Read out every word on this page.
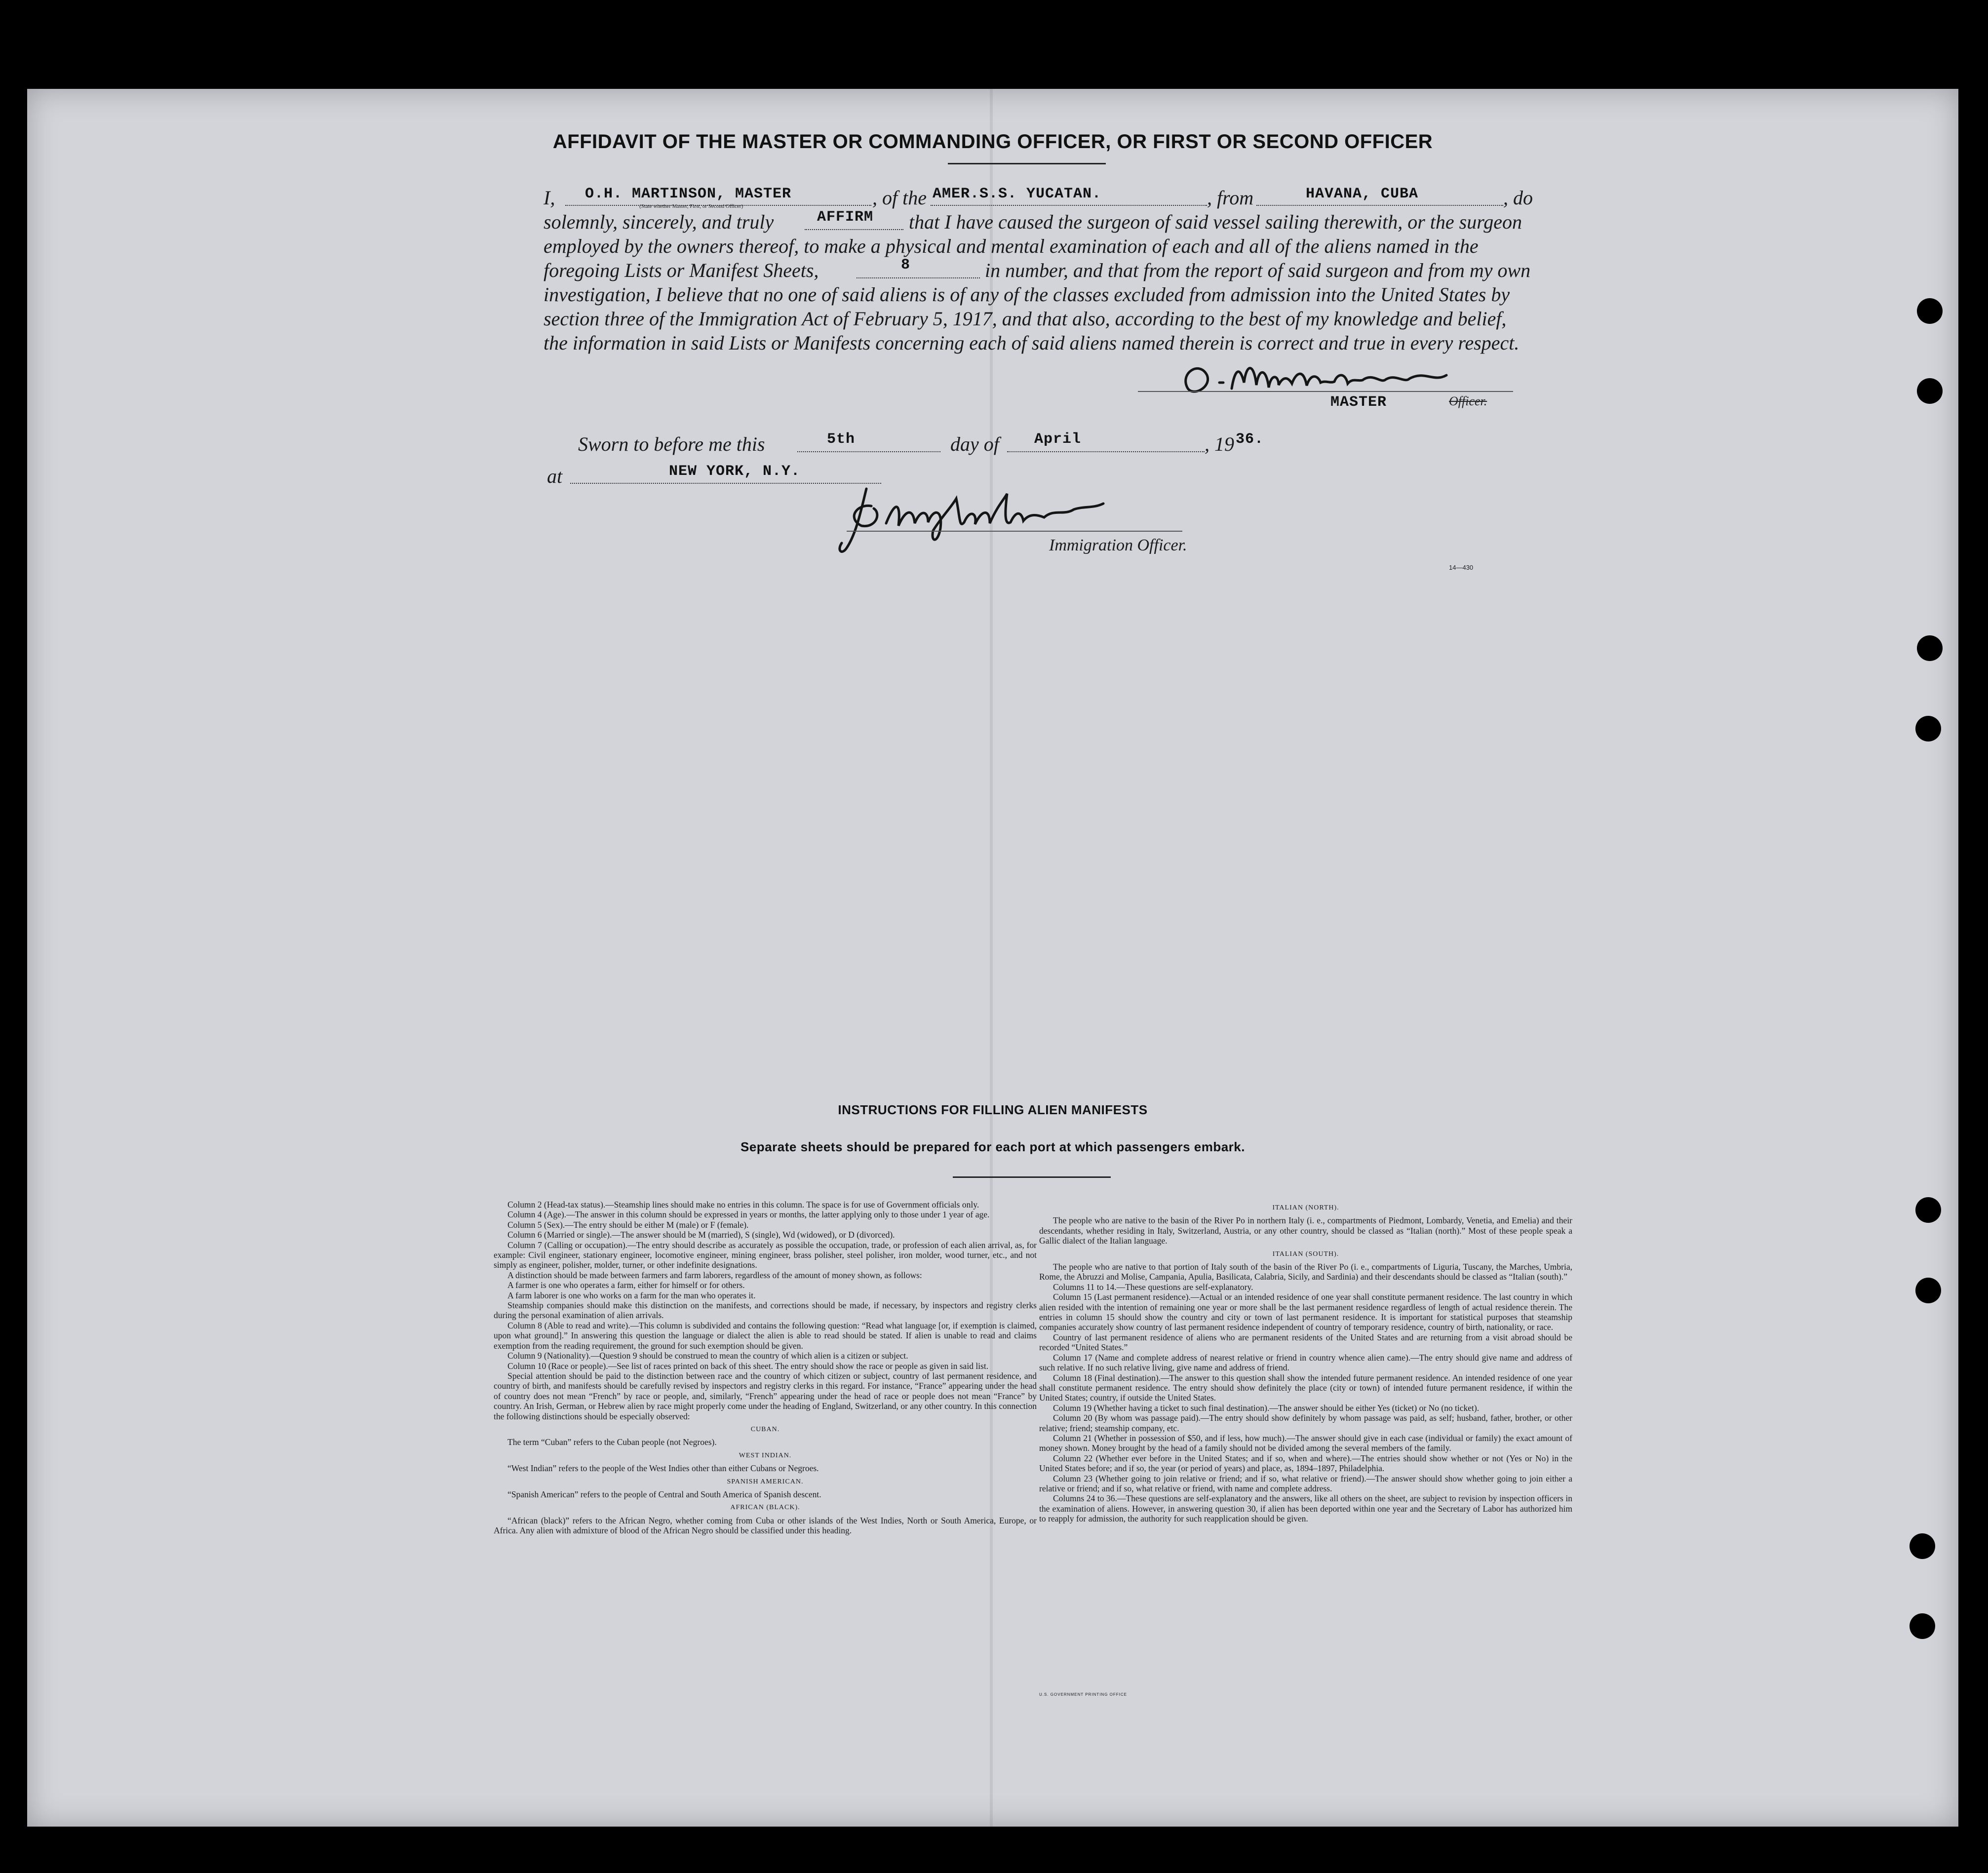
AFFIDAVIT OF THE MASTER OR COMMANDING OFFICER, OR FIRST OR SECOND OFFICER
I, O.H. MARTINSON, MASTER
(State whether Master, First, or Second Officer)	, of the AMER.S.S. YUCATAN.	, from	HAVANA, CUBA	, do
solemnly, sincerely, and truly	AFFIRM that I have caused the surgeon of said vessel sailing therewith, or the surgeon
employed by the owners thereof, to make a physical and mental examination of each and all of the aliens named in the
foregoing Lists or Manifest Sheets,	8	in number, and that from the report of said surgeon and from my own
investigation, I believe that no one of said aliens is of any of the classes excluded from admission into the United States by
section three of the Immigration Act of February 5, 1917, and that also, according to the best of my knowledge and belief,
the information in said Lists or Manifests concerning each of said aliens named therein is correct and true in every respect.
MASTER	Officer.
Sworn to before me this	5th	day of April	, 19 36.
at	NEW YORK, N.Y.
Immigration Officer.
14—430
INSTRUCTIONS FOR FILLING ALIEN MANIFESTS
Separate sheets should be prepared for each port at which passengers embark.

Column 2 (Head-tax status).—Steamship lines should make no entries in this column. The space is for use of Government officials only.

Column 4 (Age).—The answer in this column should be expressed in years or months, the latter applying only to those under 1 year of age.

Column 5 (Sex).—The entry should be either M (male) or F (female).

Column 6 (Married or single).—The answer should be M (married), S (single), Wd (widowed), or D (divorced).

Column 7 (Calling or occupation).—The entry should describe as accurately as possible the occupation, trade, or profession of each alien arrival, as, for example: Civil engineer, stationary engineer, locomotive engineer, mining engineer, brass polisher, steel polisher, iron molder, wood turner, etc., and not simply as engineer, polisher, molder, turner, or other indefinite designations.

A distinction should be made between farmers and farm laborers, regardless of the amount of money shown, as follows:

A farmer is one who operates a farm, either for himself or for others.

A farm laborer is one who works on a farm for the man who operates it.

Steamship companies should make this distinction on the manifests, and corrections should be made, if necessary, by inspectors and registry clerks during the personal examination of alien arrivals.

Column 8 (Able to read and write).—This column is subdivided and contains the following question: “Read what language [or, if exemption is claimed, upon what ground].” In answering this question the language or dialect the alien is able to read should be stated. If alien is unable to read and claims exemption from the reading requirement, the ground for such exemption should be given.

Column 9 (Nationality).—Question 9 should be construed to mean the country of which alien is a citizen or subject.

Column 10 (Race or people).—See list of races printed on back of this sheet. The entry should show the race or people as given in said list.

Special attention should be paid to the distinction between race and the country of which citizen or subject, country of last permanent residence, and country of birth, and manifests should be carefully revised by inspectors and registry clerks in this regard. For instance, “France” appearing under the head of country does not mean “French” by race or people, and, similarly, “French” appearing under the head of race or people does not mean “France” by country. An Irish, German, or Hebrew alien by race might properly come under the heading of England, Switzerland, or any other country. In this connection the following distinctions should be especially observed:

CUBAN.

The term “Cuban” refers to the Cuban people (not Negroes).

WEST INDIAN.

“West Indian” refers to the people of the West Indies other than either Cubans or Negroes.

SPANISH AMERICAN.

“Spanish American” refers to the people of Central and South America of Spanish descent.

AFRICAN (BLACK).

“African (black)” refers to the African Negro, whether coming from Cuba or other islands of the West Indies, North or South America, Europe, or Africa. Any alien with admixture of blood of the African Negro should be classified under this heading.

ITALIAN (NORTH).

The people who are native to the basin of the River Po in northern Italy (i. e., compartments of Piedmont, Lombardy, Venetia, and Emelia) and their descendants, whether residing in Italy, Switzerland, Austria, or any other country, should be classed as “Italian (north).” Most of these people speak a Gallic dialect of the Italian language.

ITALIAN (SOUTH).

The people who are native to that portion of Italy south of the basin of the River Po (i. e., compartments of Liguria, Tuscany, the Marches, Umbria, Rome, the Abruzzi and Molise, Campania, Apulia, Basilicata, Calabria, Sicily, and Sardinia) and their descendants should be classed as “Italian (south).”

Columns 11 to 14.—These questions are self-explanatory.

Column 15 (Last permanent residence).—Actual or an intended residence of one year shall constitute permanent residence. The last country in which alien resided with the intention of remaining one year or more shall be the last permanent residence regardless of length of actual residence therein. The entries in column 15 should show the country and city or town of last permanent residence. It is important for statistical purposes that steamship companies accurately show country of last permanent residence independent of country of temporary residence, country of birth, nationality, or race.

Country of last permanent residence of aliens who are permanent residents of the United States and are returning from a visit abroad should be recorded “United States.”

Column 17 (Name and complete address of nearest relative or friend in country whence alien came).—The entry should give name and address of such relative. If no such relative living, give name and address of friend.

Column 18 (Final destination).—The answer to this question shall show the intended future permanent residence. An intended residence of one year shall constitute permanent residence. The entry should show definitely the place (city or town) of intended future permanent residence, if within the United States; country, if outside the United States.

Column 19 (Whether having a ticket to such final destination).—The answer should be either Yes (ticket) or No (no ticket).

Column 20 (By whom was passage paid).—The entry should show definitely by whom passage was paid, as self; husband, father, brother, or other relative; friend; steamship company, etc.

Column 21 (Whether in possession of $50, and if less, how much).—The answer should give in each case (individual or family) the exact amount of money shown. Money brought by the head of a family should not be divided among the several members of the family.

Column 22 (Whether ever before in the United States; and if so, when and where).—The entries should show whether or not (Yes or No) in the United States before; and if so, the year (or period of years) and place, as, 1894–1897, Philadelphia.

Column 23 (Whether going to join relative or friend; and if so, what relative or friend).—The answer should show whether going to join either a relative or friend; and if so, what relative or friend, with name and complete address.

Columns 24 to 36.—These questions are self-explanatory and the answers, like all others on the sheet, are subject to revision by inspection officers in the examination of aliens. However, in answering question 30, if alien has been deported within one year and the Secretary of Labor has authorized him to reapply for admission, the authority for such reapplication should be given.

U.S. GOVERNMENT PRINTING OFFICE
